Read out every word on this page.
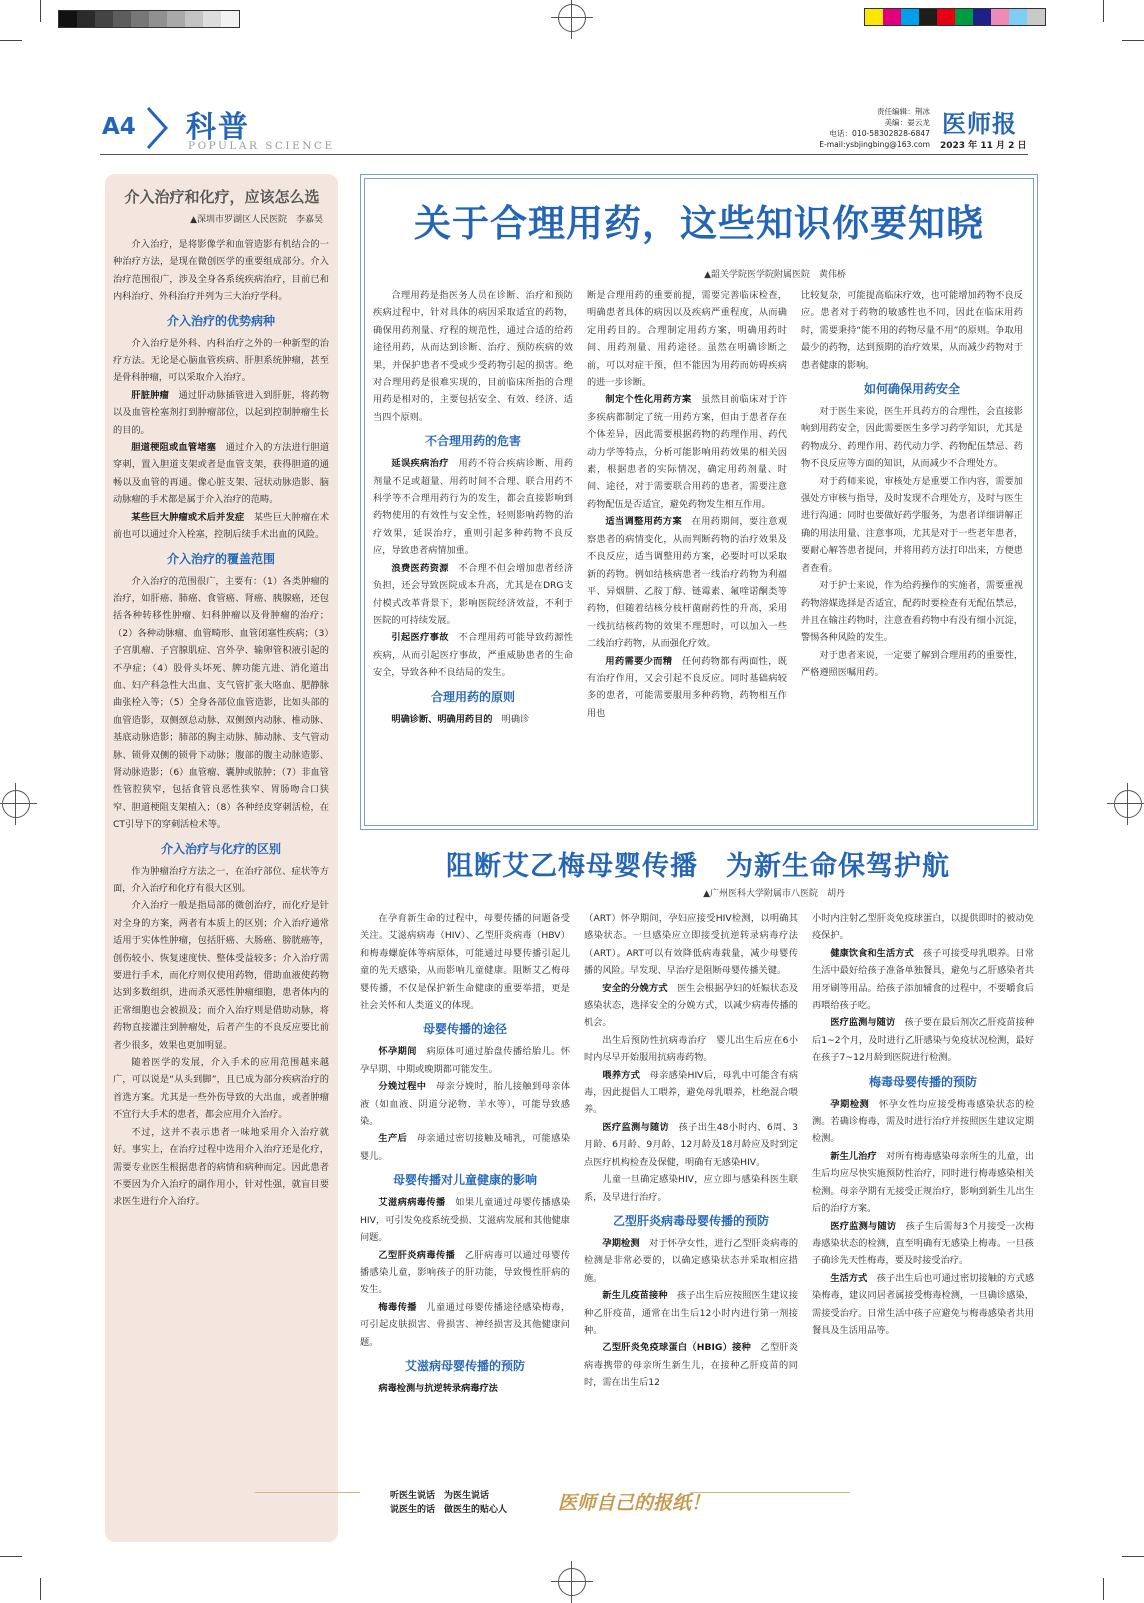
A4 科普
POPULAR SCIENCE
责任编辑：荆冰
美编：晏云龙
电话：010-58302828-6847
E-mail:ysbjingbing@163.com
医师报
2023 年 11 月 2 日
介入治疗和化疗，应该怎么选
▲深圳市罗湖区人民医院　李嘉昊

介入治疗，是将影像学和血管造影有机结合的一种治疗方法，是现在微创医学的重要组成部分。介入治疗范围很广，涉及全身各系统疾病治疗，目前已和内科治疗、外科治疗并列为三大治疗学科。

介入治疗的优势病种

介入治疗是外科、内科治疗之外的一种新型的治疗方法。无论是心脑血管疾病、肝胆系统肿瘤，甚至是骨科肿瘤，可以采取介入治疗。

肝脏肿瘤　 通过肝动脉插管进入到肝脏，将药物以及血管栓塞剂打到肿瘤部位，以起到控制肿瘤生长的目的。

胆道梗阻或血管堵塞　 通过介入的方法进行胆道穿刺，置入胆道支架或者是血管支架，获得胆道的通畅以及血管的再通。像心脏支架、冠状动脉造影、脑动脉瘤的手术都是属于介入治疗的范畴。

某些巨大肿瘤或术后并发症　 某些巨大肿瘤在术前也可以通过介入栓塞，控制后续手术出血的风险。

介入治疗的覆盖范围

介入治疗的范围很广，主要有：（1）各类肿瘤的治疗，如肝癌、肺癌、食管癌、肾癌、胰腺癌，还包括各种转移性肿瘤、妇科肿瘤以及骨肿瘤的治疗；（2）各种动脉瘤、血管畸形、血管闭塞性疾病；（3）子宫肌瘤、子宫腺肌症、宫外孕、输卵管积液引起的不孕症；（4）股骨头坏死、脾功能亢进、消化道出血、妇产科急性大出血、支气管扩张大咯血、肥静脉曲张栓入等；（5）全身各部位血管造影，比如头部的血管造影，双侧颈总动脉、双侧颈内动脉、椎动脉、基底动脉造影；肺部的胸主动脉、肺动脉、支气管动脉、锁骨双侧的锁骨下动脉；腹部的腹主动脉造影、肾动脉造影；（6）血管瘤、囊肿或脓肿；（7）非血管性管腔狭窄，包括食管良恶性狭窄、胃肠吻合口狭窄、胆道梗阻支架植入；（8）各种经皮穿刺活检，在CT引导下的穿刺活检术等。

介入治疗与化疗的区别

作为肿瘤治疗方法之一，在治疗部位、症状等方面，介入治疗和化疗有很大区别。

介入治疗一般是指局部的微创治疗，而化疗是针对全身的方案，两者有本质上的区别；介入治疗通常适用于实体性肿瘤，包括肝癌、大肠癌、膀胱癌等，创伤较小、恢复速度快、整体受益较多；介入治疗需要进行手术，而化疗则仅使用药物，借助血液使药物达到多数组织，进而杀灭恶性肿瘤细胞，患者体内的正常细胞也会被损及；而介入治疗则是借助动脉，将药物直接灌注到肿瘤处，后者产生的不良反应要比前者少很多，效果也更加明显。

随着医学的发展，介入手术的应用范围越来越广，可以说是“从头到脚”，且已成为部分疾病治疗的首选方案。尤其是一些外伤导致的大出血，或者肿瘤不宜行大手术的患者，都会应用介入治疗。

不过，这并不表示患者一味地采用介入治疗就好。事实上，在治疗过程中选用介入治疗还是化疗，需要专业医生根据患者的病情和病种而定。因此患者不要因为介入治疗的副作用小，针对性强，就盲目要求医生进行介入治疗。

关于合理用药，这些知识你要知晓
▲韶关学院医学院附属医院　黄伟桥

合理用药是指医务人员在诊断、治疗和预防疾病过程中，针对具体的病因采取适宜的药物，确保用药剂量、疗程的规范性，通过合适的给药途径用药，从而达到诊断、治疗、预防疾病的效果，并保护患者不受或少受药物引起的损害。绝对合理用药是很难实现的，目前临床所指的合理用药是相对的，主要包括安全、有效、经济、适当四个原则。

不合理用药的危害

延误疾病治疗　 用药不符合疾病诊断、用药剂量不足或超量、用药时间不合理、联合用药不科学等不合理用药行为的发生，都会直接影响到药物使用的有效性与安全性，轻则影响药物的治疗效果，延误治疗，重则引起多种药物不良反应，导致患者病情加重。

浪费医药资源　 不合理不但会增加患者经济负担，还会导致医院成本升高，尤其是在DRG支付模式改革背景下，影响医院经济效益，不利于医院的可持续发展。

引起医疗事故　 不合理用药可能导致药源性疾病，从而引起医疗事故，严重威胁患者的生命安全，导致各种不良结局的发生。

合理用药的原则

明确诊断、明确用药目的　 明确诊

断是合理用药的重要前提，需要完善临床检查，明确患者具体的病因以及疾病严重程度，从而确定用药目的。合理制定用药方案，明确用药时间、用药剂量、用药途径。虽然在明确诊断之前，可以对症干预，但不能因为用药而妨碍疾病的进一步诊断。

制定个性化用药方案　 虽然目前临床对于许多疾病都制定了统一用药方案，但由于患者存在个体差异，因此需要根据药物的药理作用、药代动力学等特点，分析可能影响用药效果的相关因素，根据患者的实际情况，确定用药剂量、时间、途径，对于需要联合用药的患者，需要注意药物配伍是否适宜，避免药物发生相互作用。

适当调整用药方案　 在用药期间，要注意观察患者的病情变化，从而判断药物的治疗效果及不良反应，适当调整用药方案，必要时可以采取新的药物。例如结核病患者一线治疗药物为利福平、异烟肼、乙胺丁醇、链霉素、氟喹诺酮类等药物，但随着结核分枝杆菌耐药性的升高，采用一线抗结核药物的效果不理想时，可以加入一些二线治疗药物，从而强化疗效。

用药需要少而精　 任何药物都有两面性，既有治疗作用，又会引起不良反应。同时基础病较多的患者，可能需要服用多种药物，药物相互作用也

比较复杂，可能提高临床疗效，也可能增加药物不良反应。患者对于药物的敏感性也不同，因此在临床用药时，需要秉持“能不用的药物尽量不用”的原则。争取用最少的药物，达到预期的治疗效果，从而减少药物对于患者健康的影响。

如何确保用药安全

对于医生来说，医生开具药方的合理性，会直接影响到用药安全，因此需要医生多学习药学知识，尤其是药物成分、药理作用、药代动力学、药物配伍禁忌、药物不良反应等方面的知识，从而减少不合理处方。

对于药师来说，审核处方是重要工作内容，需要加强处方审核与指导，及时发现不合理处方，及时与医生进行沟通；同时也要做好药学服务，为患者详细讲解正确的用法用量、注意事项，尤其是对于一些老年患者，要耐心解答患者提问，并将用药方法打印出来，方便患者查看。

对于护士来说，作为给药操作的实施者，需要重视药物溶媒选择是否适宜，配药时要检查有无配伍禁忌，并且在输注药物时，注意查看药物中有没有细小沉淀，警惕各种风险的发生。

对于患者来说，一定要了解到合理用药的重要性，严格遵照医嘱用药。

阻断艾乙梅母婴传播　为新生命保驾护航
▲广州医科大学附属市八医院　胡丹

在孕育新生命的过程中，母婴传播的问题备受关注。艾滋病病毒（HIV）、乙型肝炎病毒（HBV）和梅毒螺旋体等病原体，可能通过母婴传播引起儿童的先天感染，从而影响儿童健康。阻断艾乙梅母婴传播，不仅是保护新生命健康的重要举措，更是社会关怀和人类道义的体现。

母婴传播的途径

怀孕期间　 病原体可通过胎盘传播给胎儿。怀孕早期、中期或晚期都可能发生。

分娩过程中　 母亲分娩时，胎儿接触到母亲体液（如血液、阴道分泌物、羊水等），可能导致感染。

生产后　 母亲通过密切接触及哺乳，可能感染婴儿。

母婴传播对儿童健康的影响

艾滋病病毒传播　 如果儿童通过母婴传播感染HIV，可引发免疫系统受损、艾滋病发展和其他健康问题。

乙型肝炎病毒传播　 乙肝病毒可以通过母婴传播感染儿童，影响孩子的肝功能，导致慢性肝病的发生。

梅毒传播　 儿童通过母婴传播途径感染梅毒，可引起皮肤损害、骨损害、神经损害及其他健康问题。

艾滋病母婴传播的预防

病毒检测与抗逆转录病毒疗法

（ART）怀孕期间，孕妇应接受HIV检测，以明确其感染状态。一旦感染应立即接受抗逆转录病毒疗法（ART）。ART可以有效降低病毒载量，减少母婴传播的风险。早发现、早治疗是阻断母婴传播关键。

安全的分娩方式　 医生会根据孕妇的妊娠状态及感染状态，选择安全的分娩方式，以减少病毒传播的机会。

出生后预防性抗病毒治疗　婴儿出生后应在6小时内尽早开始服用抗病毒药物。

喂养方式　 母亲感染HIV后，母乳中可能含有病毒，因此提倡人工喂养，避免母乳喂养，杜绝混合喂养。

医疗监测与随访　 孩子出生48小时内、6周、3月龄、6月龄、9月龄、12月龄及18月龄应及时到定点医疗机构检查及保健，明确有无感染HIV。

儿童一旦确定感染HIV，应立即与感染科医生联系，及早进行治疗。

乙型肝炎病毒母婴传播的预防

孕期检测　 对于怀孕女性，进行乙型肝炎病毒的检测是非常必要的，以确定感染状态并采取相应措施。

新生儿疫苗接种　 孩子出生后应按照医生建议接种乙肝疫苗，通常在出生后12小时内进行第一剂接种。

乙型肝炎免疫球蛋白（HBIG）接种　 乙型肝炎病毒携带的母亲所生新生儿，在接种乙肝疫苗的同时，需在出生后12

小时内注射乙型肝炎免疫球蛋白，以提供即时的被动免疫保护。

健康饮食和生活方式　 孩子可接受母乳喂养。日常生活中最好给孩子准备单独餐具，避免与乙肝感染者共用牙刷等用品。给孩子添加辅食的过程中，不要嚼食后再喂给孩子吃。

医疗监测与随访　 孩子要在最后剂次乙肝疫苗接种后1~2个月，及时进行乙肝感染与免疫状况检测，最好在孩子7~12月龄到医院进行检测。

梅毒母婴传播的预防

孕期检测　 怀孕女性均应接受梅毒感染状态的检测。若确诊梅毒，需及时进行治疗并按照医生建议定期检测。

新生儿治疗　 对所有梅毒感染母亲所生的儿童，出生后均应尽快实施预防性治疗，同时进行梅毒感染相关检测。母亲孕期有无接受正规治疗，影响到新生儿出生后的治疗方案。

医疗监测与随访　 孩子生后需每3个月接受一次梅毒感染状态的检测，直至明确有无感染上梅毒。一旦孩子确诊先天性梅毒，要及时接受治疗。

生活方式　 孩子出生后也可通过密切接触的方式感染梅毒，建议同居者属接受梅毒检测，一旦确诊感染，需接受治疗。日常生活中孩子应避免与梅毒感染者共用餐具及生活用品等。

听医生说话　为医生说话
说医生的话　做医生的贴心人	医师自己的报纸！
